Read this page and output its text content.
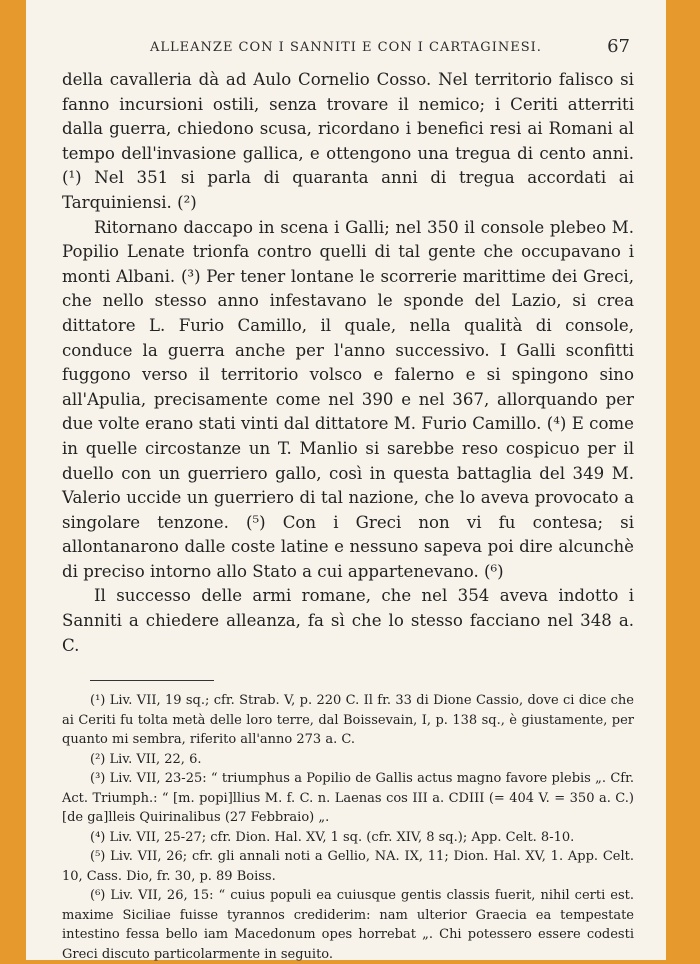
ALLEANZE CON I SANNITI E CON I CARTAGINESI.	67

della cavalleria dà ad Aulo Cornelio Cosso. Nel territorio falisco si fanno incursioni ostili, senza trovare il nemico; i Ceriti atterriti dalla guerra, chiedono scusa, ricordano i benefici resi ai Romani al tempo dell'invasione gallica, e ottengono una tregua di cento anni. (¹) Nel 351 si parla di quaranta anni di tregua accordati ai Tarquiniensi. (²)

Ritornano daccapo in scena i Galli; nel 350 il console plebeo M. Popilio Lenate trionfa contro quelli di tal gente che occupavano i monti Albani. (³) Per tener lontane le scorrerie marittime dei Greci, che nello stesso anno infestavano le sponde del Lazio, si crea dittatore L. Furio Camillo, il quale, nella qualità di console, conduce la guerra anche per l'anno successivo. I Galli sconfitti fuggono verso il territorio volsco e falerno e si spingono sino all'Apulia, precisamente come nel 390 e nel 367, allorquando per due volte erano stati vinti dal dittatore M. Furio Camillo. (⁴) E come in quelle circostanze un T. Manlio si sarebbe reso cospicuo per il duello con un guerriero gallo, così in questa battaglia del 349 M. Valerio uccide un guerriero di tal nazione, che lo aveva provocato a singolare tenzone. (⁵) Con i Greci non vi fu contesa; si allontanarono dalle coste latine e nessuno sapeva poi dire alcunchè di preciso intorno allo Stato a cui appartenevano. (⁶)

Il successo delle armi romane, che nel 354 aveva indotto i Sanniti a chiedere alleanza, fa sì che lo stesso facciano nel 348 a. C.

(¹) Liv. VII, 19 sq.; cfr. Strab. V, p. 220 C. Il fr. 33 di Dione Cassio, dove ci dice che ai Ceriti fu tolta metà delle loro terre, dal Boissevain, I, p. 138 sq., è giustamente, per quanto mi sembra, riferito all'anno 273 a. C.

(²) Liv. VII, 22, 6.

(³) Liv. VII, 23-25: “ triumphus a Popilio de Gallis actus magno favore plebis „. Cfr. Act. Triumph.: “ [m. popi]llius M. f. C. n. Laenas cos III a. CDIII (= 404 V. = 350 a. C.) [de ga]lleis Quirinalibus (27 Febbraio) „.

(⁴) Liv. VII, 25-27; cfr. Dion. Hal. XV, 1 sq. (cfr. XIV, 8 sq.); App. Celt. 8-10.

(⁵) Liv. VII, 26; cfr. gli annali noti a Gellio, NA. IX, 11; Dion. Hal. XV, 1. App. Celt. 10, Cass. Dio, fr. 30, p. 89 Boiss.

(⁶) Liv. VII, 26, 15: “ cuius populi ea cuiusque gentis classis fuerit, nihil certi est. maxime Siciliae fuisse tyrannos crediderim: nam ulterior Graecia ea tempestate intestino fessa bello iam Macedonum opes horrebat „. Chi potessero essere codesti Greci discuto particolarmente in seguito.
